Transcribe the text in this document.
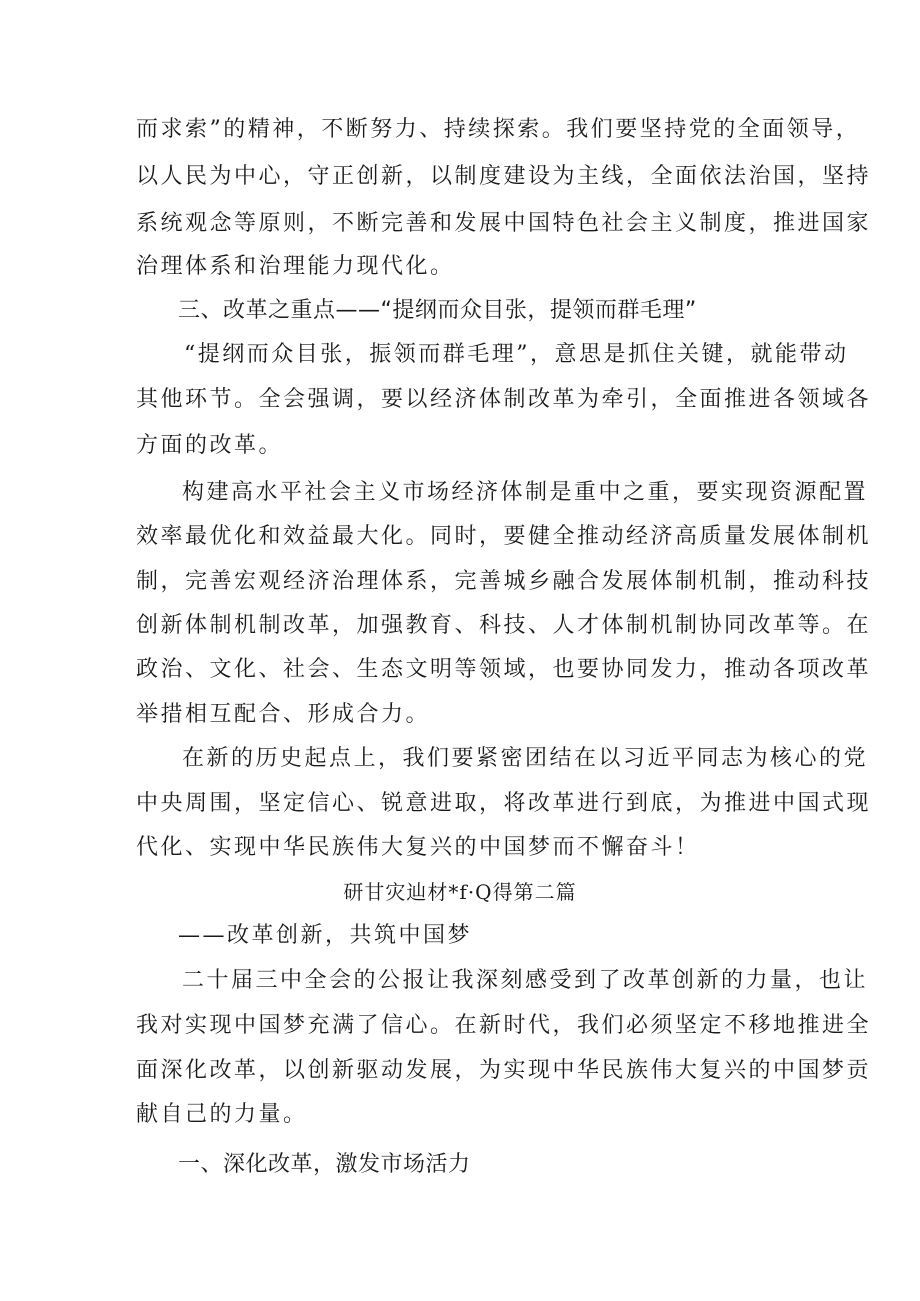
而求索”的精神，不断努力、持续探索。我们要坚持党的全面领导，
以人民为中心，守正创新，以制度建设为主线，全面依法治国，坚持
系统观念等原则，不断完善和发展中国特色社会主义制度，推进国家
治理体系和治理能力现代化。
三、改革之重点——“提纲而众目张，提领而群毛理”
“提纲而众目张，振领而群毛理”，意思是抓住关键，就能带动
其他环节。全会强调，要以经济体制改革为牵引，全面推进各领域各
方面的改革。
构建高水平社会主义市场经济体制是重中之重，要实现资源配置
效率最优化和效益最大化。同时，要健全推动经济高质量发展体制机
制，完善宏观经济治理体系，完善城乡融合发展体制机制，推动科技
创新体制机制改革，加强教育、科技、人才体制机制协同改革等。在
政治、文化、社会、生态文明等领域，也要协同发力，推动各项改革
举措相互配合、形成合力。
在新的历史起点上，我们要紧密团结在以习近平同志为核心的党
中央周围，坚定信心、锐意进取，将改革进行到底，为推进中国式现
代化、实现中华民族伟大复兴的中国梦而不懈奋斗！
研甘灾辿材*f·Q得第二篇
——改革创新，共筑中国梦
二十届三中全会的公报让我深刻感受到了改革创新的力量，也让
我对实现中国梦充满了信心。在新时代，我们必须坚定不移地推进全
面深化改革，以创新驱动发展，为实现中华民族伟大复兴的中国梦贡
献自己的力量。
一、深化改革，激发市场活力
